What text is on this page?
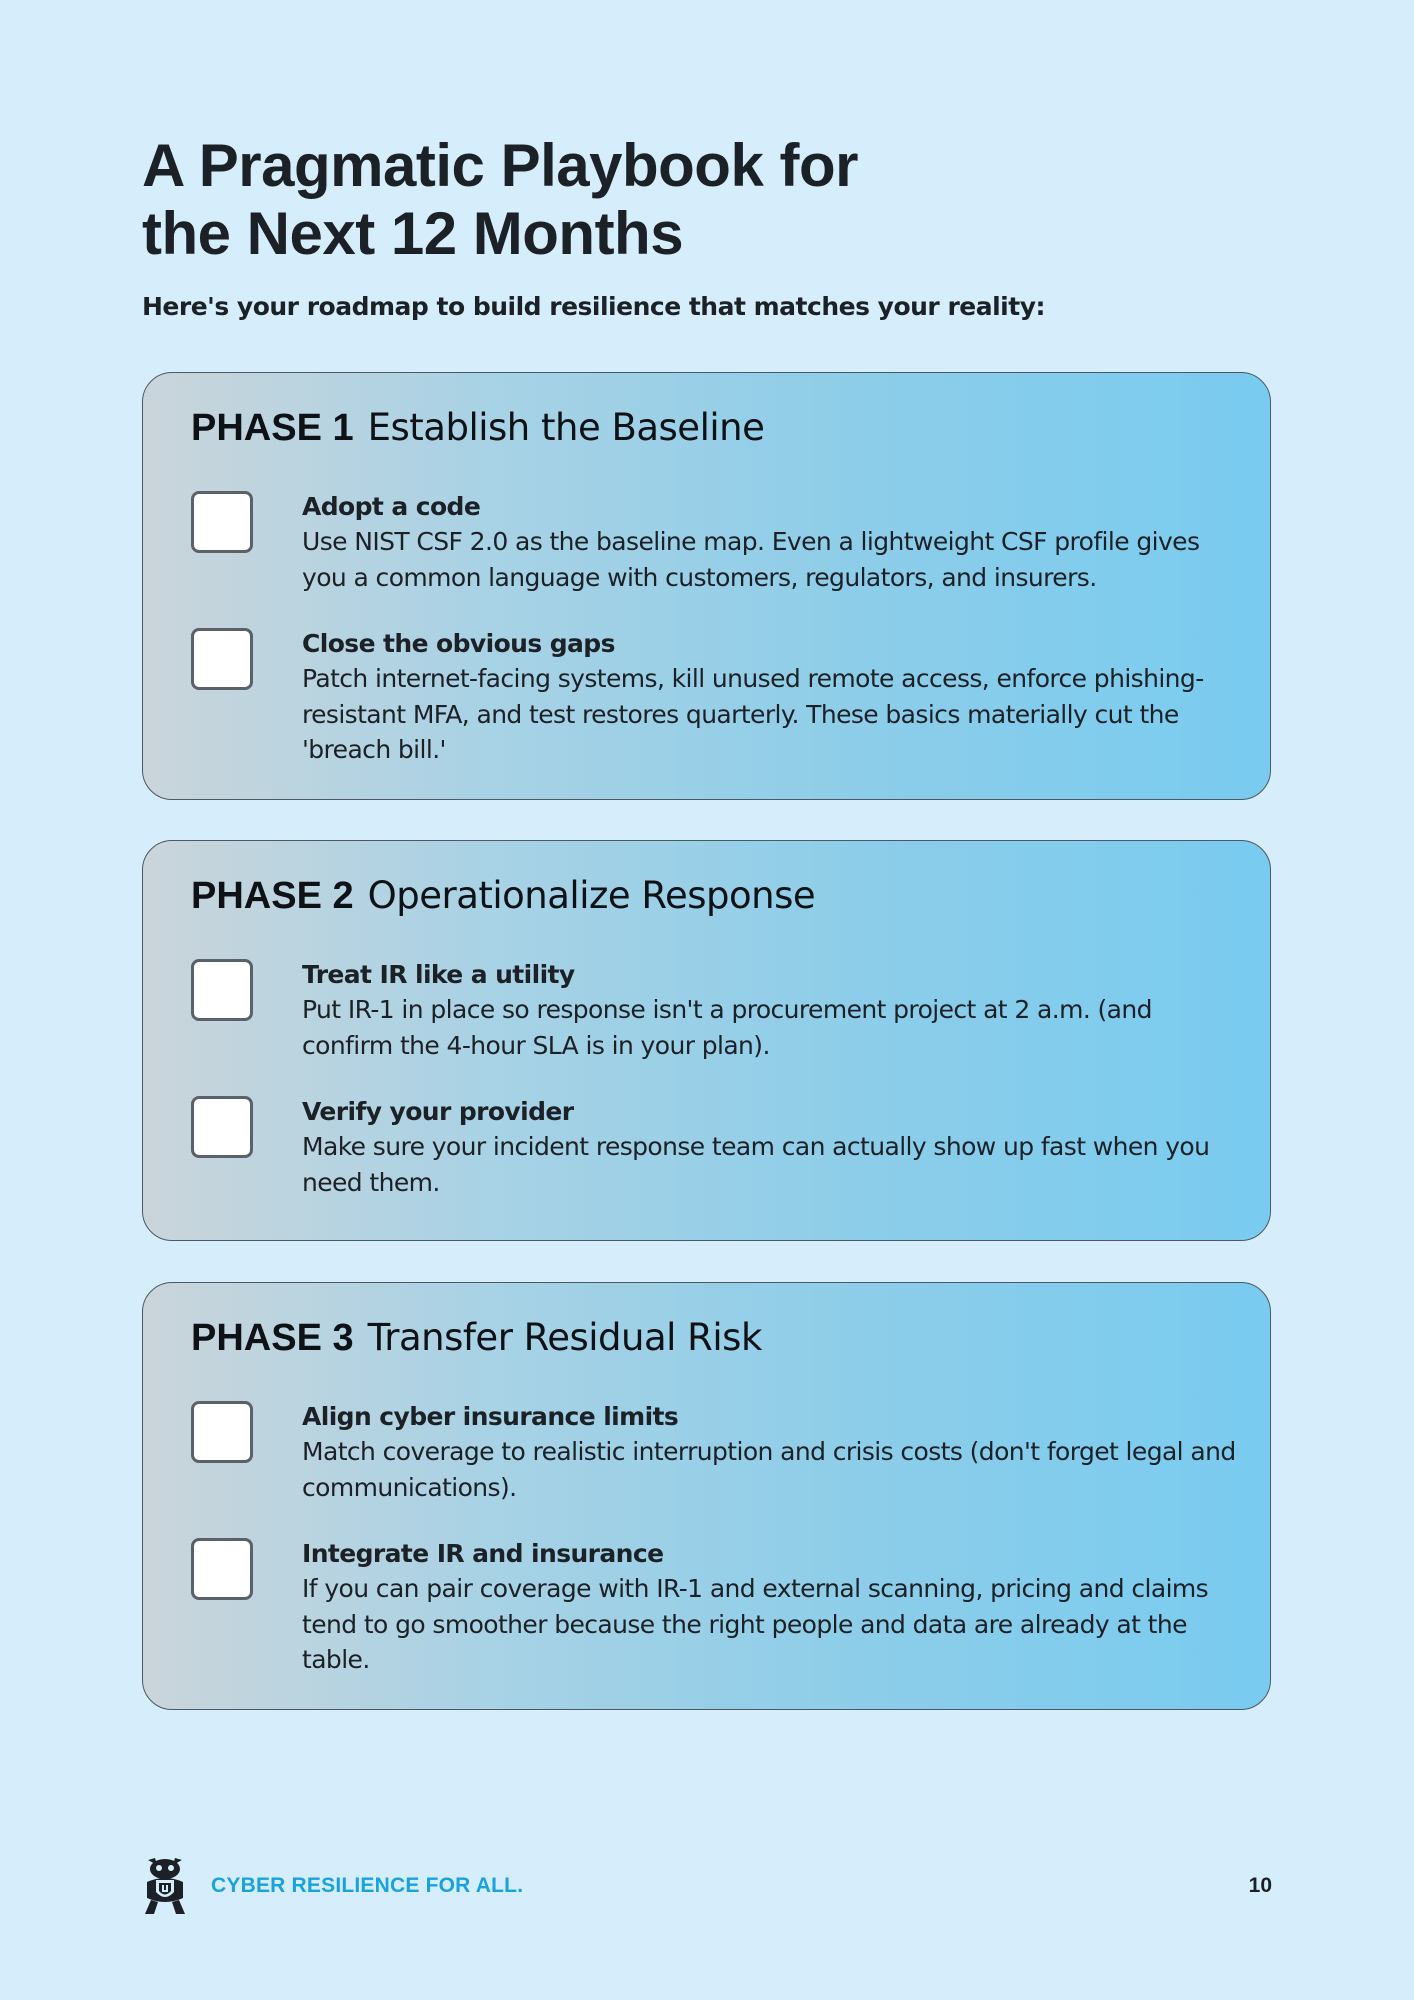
A Pragmatic Playbook for
the Next 12 Months

Here's your roadmap to build resilience that matches your reality:

PHASE 1 Establish the Baseline
Adopt a code
Use NIST CSF 2.0 as the baseline map. Even a lightweight CSF profile gives you a common language with customers, regulators, and insurers.
Close the obvious gaps
Patch internet-facing systems, kill unused remote access, enforce phishing-resistant MFA, and test restores quarterly. These basics materially cut the 'breach bill.'
PHASE 2 Operationalize Response
Treat IR like a utility
Put IR-1 in place so response isn't a procurement project at 2 a.m. (and confirm the 4-hour SLA is in your plan).
Verify your provider
Make sure your incident response team can actually show up fast when you need them.
PHASE 3 Transfer Residual Risk
Align cyber insurance limits
Match coverage to realistic interruption and crisis costs (don't forget legal and communications).
Integrate IR and insurance
If you can pair coverage with IR-1 and external scanning, pricing and claims tend to go smoother because the right people and data are already at the table.
CYBER RESILIENCE FOR ALL.	10
